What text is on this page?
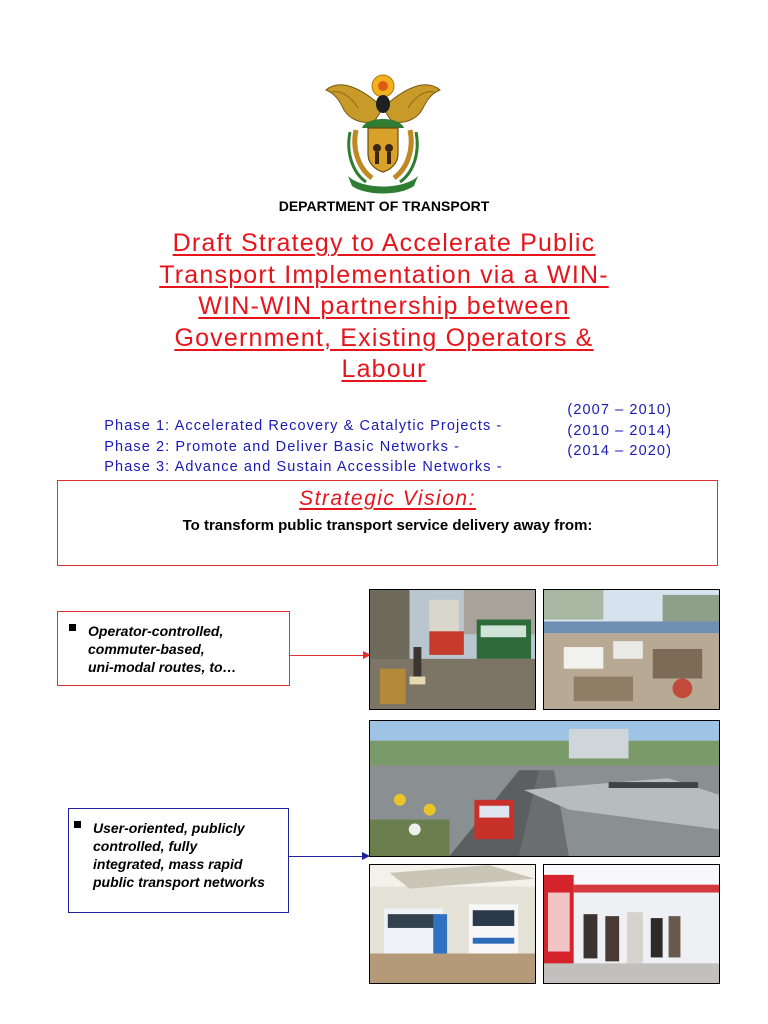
DEPARTMENT OF TRANSPORT
Draft Strategy to Accelerate Public
Transport Implementation via a WIN-
WIN-WIN partnership between
Government, Existing Operators &
Labour

Phase 1: Accelerated Recovery & Catalytic Projects -

(2007 – 2010)

Phase 2: Promote and Deliver Basic Networks -

(2010 – 2014)

Phase 3: Advance and Sustain Accessible Networks -

(2014 – 2020)

Strategic Vision:
To transform public transport service delivery away from:
Operator-controlled,
commuter-based,
uni-modal routes, to…
User-oriented, publicly
controlled, fully
integrated, mass rapid
public transport networks
